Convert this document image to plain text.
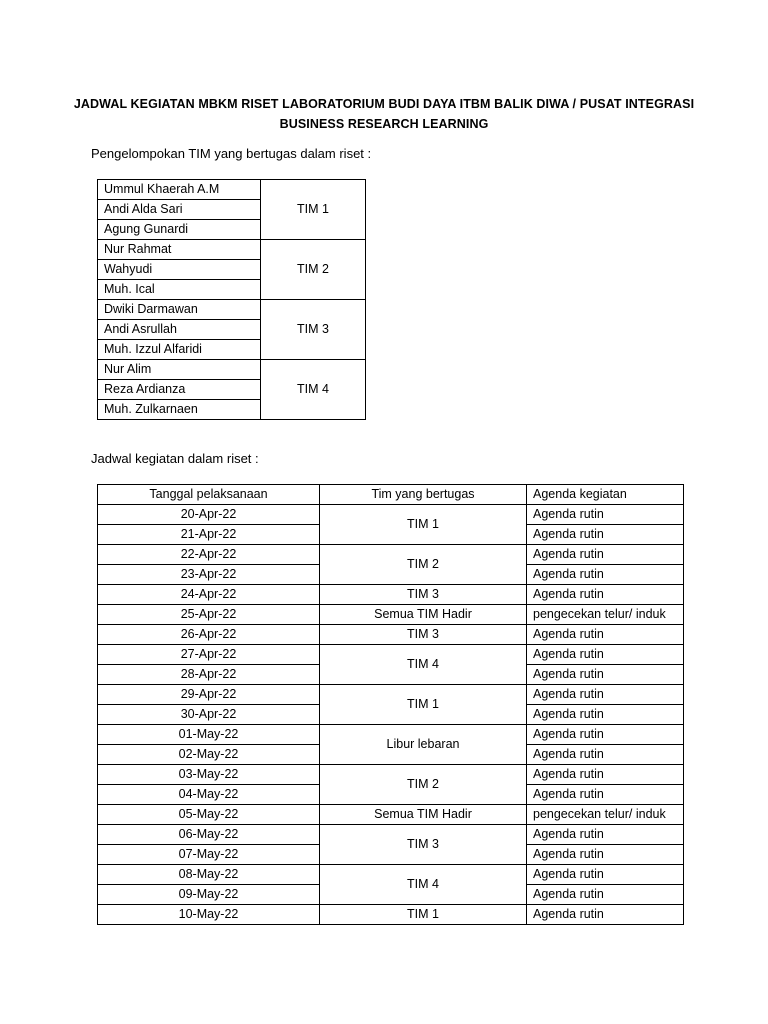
JADWAL KEGIATAN MBKM RISET LABORATORIUM BUDI DAYA ITBM BALIK DIWA / PUSAT INTEGRASI
BUSINESS RESEARCH LEARNING
Pengelompokan TIM yang bertugas dalam riset :
Ummul Khaerah A.M	TIM 1
Andi Alda Sari	
Agung Gunardi	
Nur Rahmat	TIM 2
Wahyudi	
Muh. Ical	
Dwiki Darmawan	TIM 3
Andi Asrullah	
Muh. Izzul Alfaridi	
Nur Alim	TIM 4
Reza Ardianza	
Muh. Zulkarnaen	
Jadwal kegiatan dalam riset :
Tanggal pelaksanaan	Tim yang bertugas	Agenda kegiatan
20-Apr-22	TIM 1	Agenda rutin
21-Apr-22		Agenda rutin
22-Apr-22	TIM 2	Agenda rutin
23-Apr-22		Agenda rutin
24-Apr-22	TIM 3	Agenda rutin
25-Apr-22	Semua TIM Hadir	pengecekan telur/ induk
26-Apr-22	TIM 3	Agenda rutin
27-Apr-22	TIM 4	Agenda rutin
28-Apr-22		Agenda rutin
29-Apr-22	TIM 1	Agenda rutin
30-Apr-22		Agenda rutin
01-May-22	Libur lebaran	Agenda rutin
02-May-22		Agenda rutin
03-May-22	TIM 2	Agenda rutin
04-May-22		Agenda rutin
05-May-22	Semua TIM Hadir	pengecekan telur/ induk
06-May-22	TIM 3	Agenda rutin
07-May-22		Agenda rutin
08-May-22	TIM 4	Agenda rutin
09-May-22		Agenda rutin
10-May-22	TIM 1	Agenda rutin
